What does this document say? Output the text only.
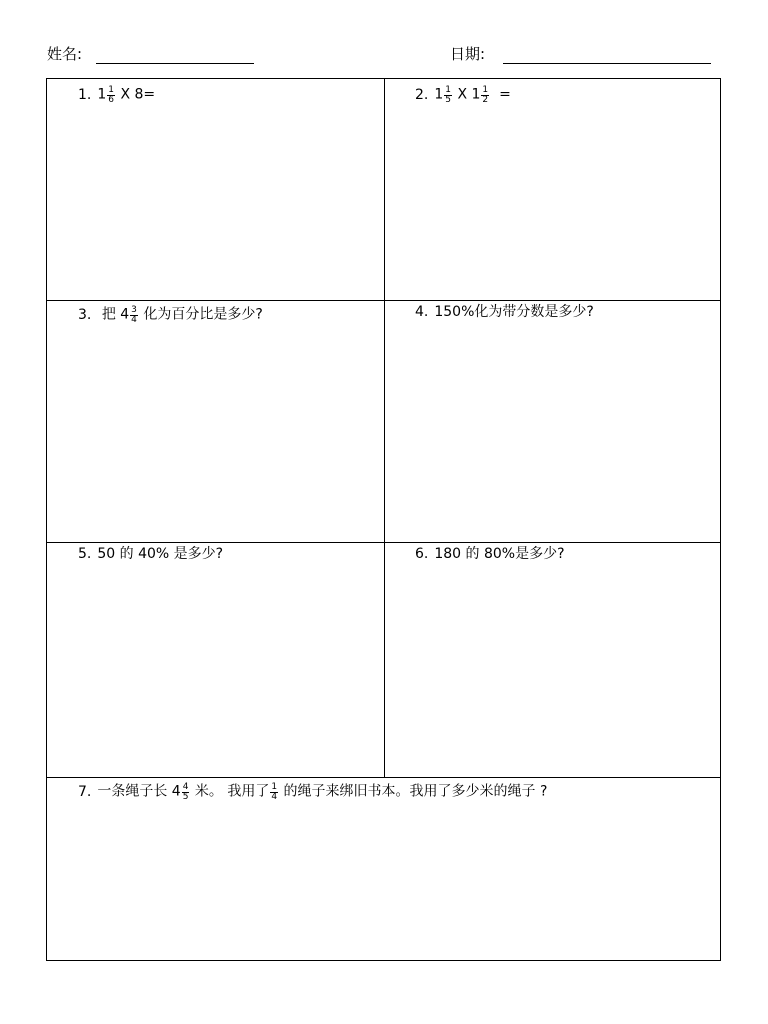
姓名:	日期:
1. $1 \frac{1}{6}$ X 8=	2. $1 \frac{1}{5}$ X $1 \frac{1}{2}$ =
3. 把 $4 \frac{3}{4}$ 化为百分比是多少?	4. 150%化为带分数是多少?
5. 50 的 40% 是多少?	6. 180 的 80%是多少?
7. 一条绳子长 $4 \frac{4}{5}$ 米。 我用了 $\frac{1}{4}$ 的绳子来绑旧书本。我用了多少米的绳子 ?
